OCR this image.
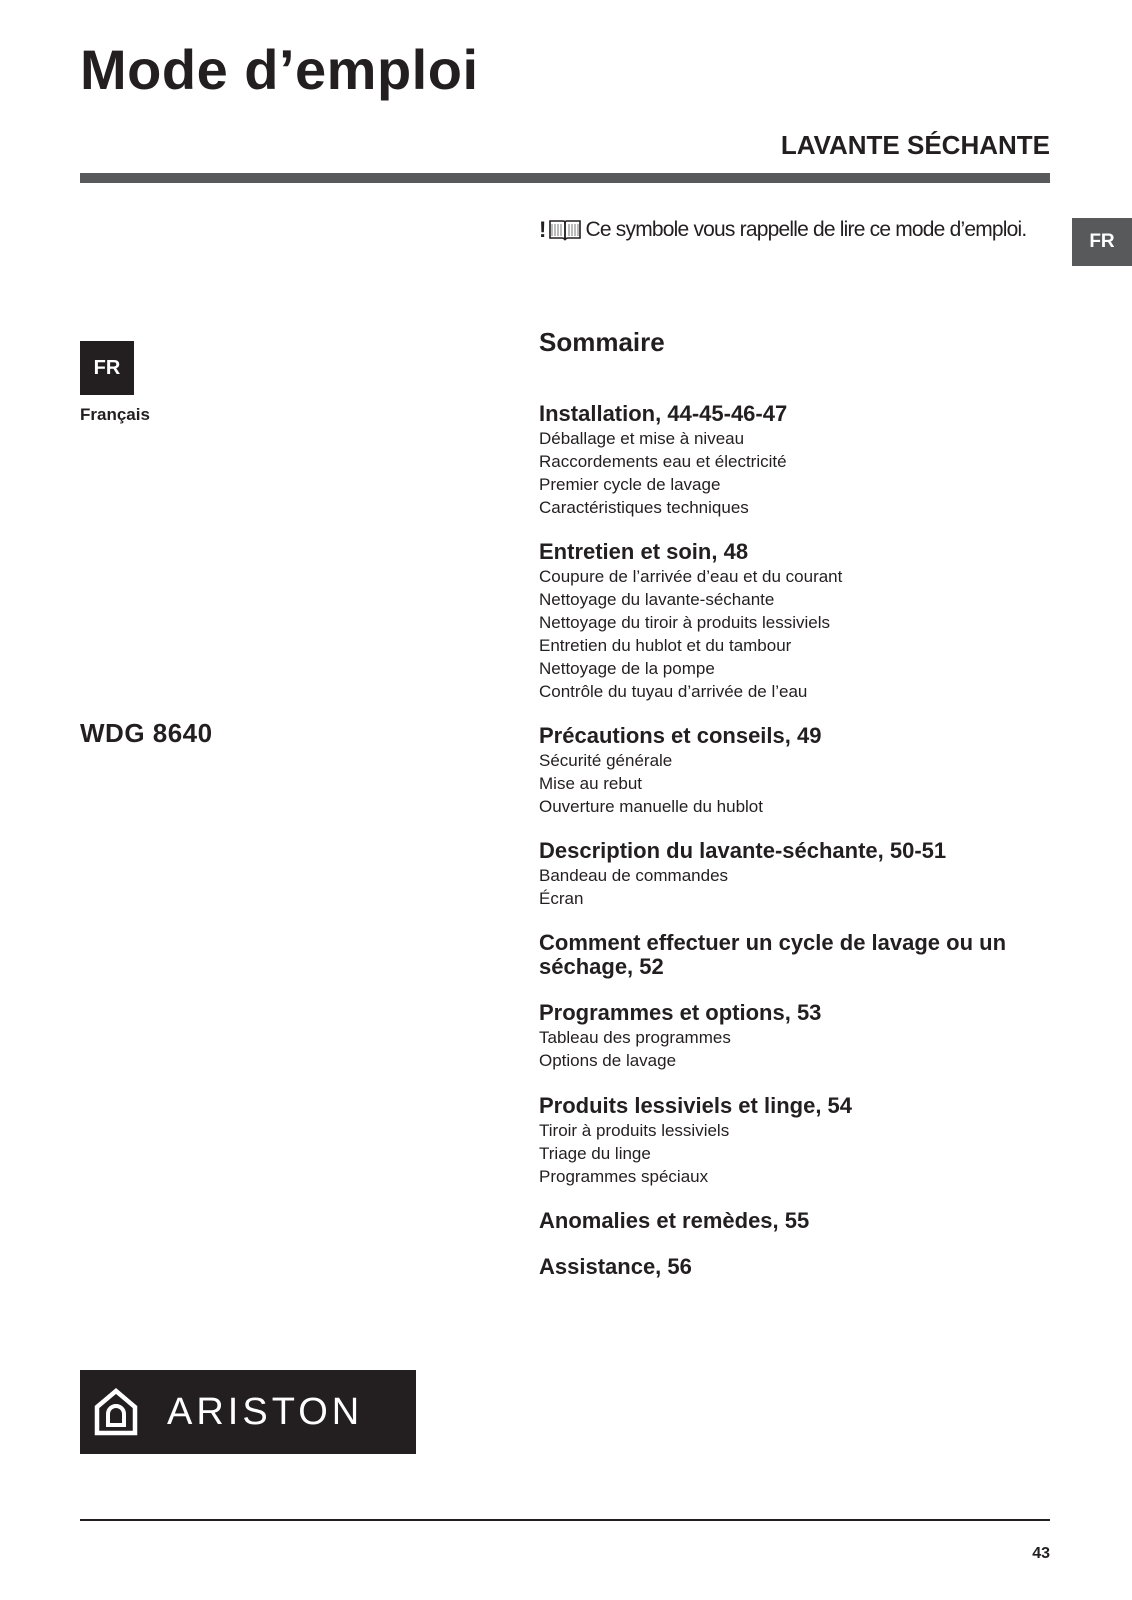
Mode d’emploi
LAVANTE SÉCHANTE
! Ce symbole vous rappelle de lire ce mode d’emploi.
FR
FR
Français
WDG 8640
Sommaire
Installation, 44-45-46-47
Déballage et mise à niveau
Raccordements eau et électricité
Premier cycle de lavage
Caractéristiques techniques
Entretien et soin, 48
Coupure de l’arrivée d’eau et du courant
Nettoyage du lavante-séchante
Nettoyage du tiroir à produits lessiviels
Entretien du hublot et du tambour
Nettoyage de la pompe
Contrôle du tuyau d’arrivée de l’eau
Précautions et conseils, 49
Sécurité générale
Mise au rebut
Ouverture manuelle du hublot
Description du lavante-séchante, 50-51
Bandeau de commandes
Écran
Comment effectuer un cycle de lavage ou un séchage, 52
Programmes et options, 53
Tableau des programmes
Options de lavage
Produits lessiviels et linge, 54
Tiroir à produits lessiviels
Triage du linge
Programmes spéciaux
Anomalies et remèdes, 55
Assistance, 56
ARISTON
43
